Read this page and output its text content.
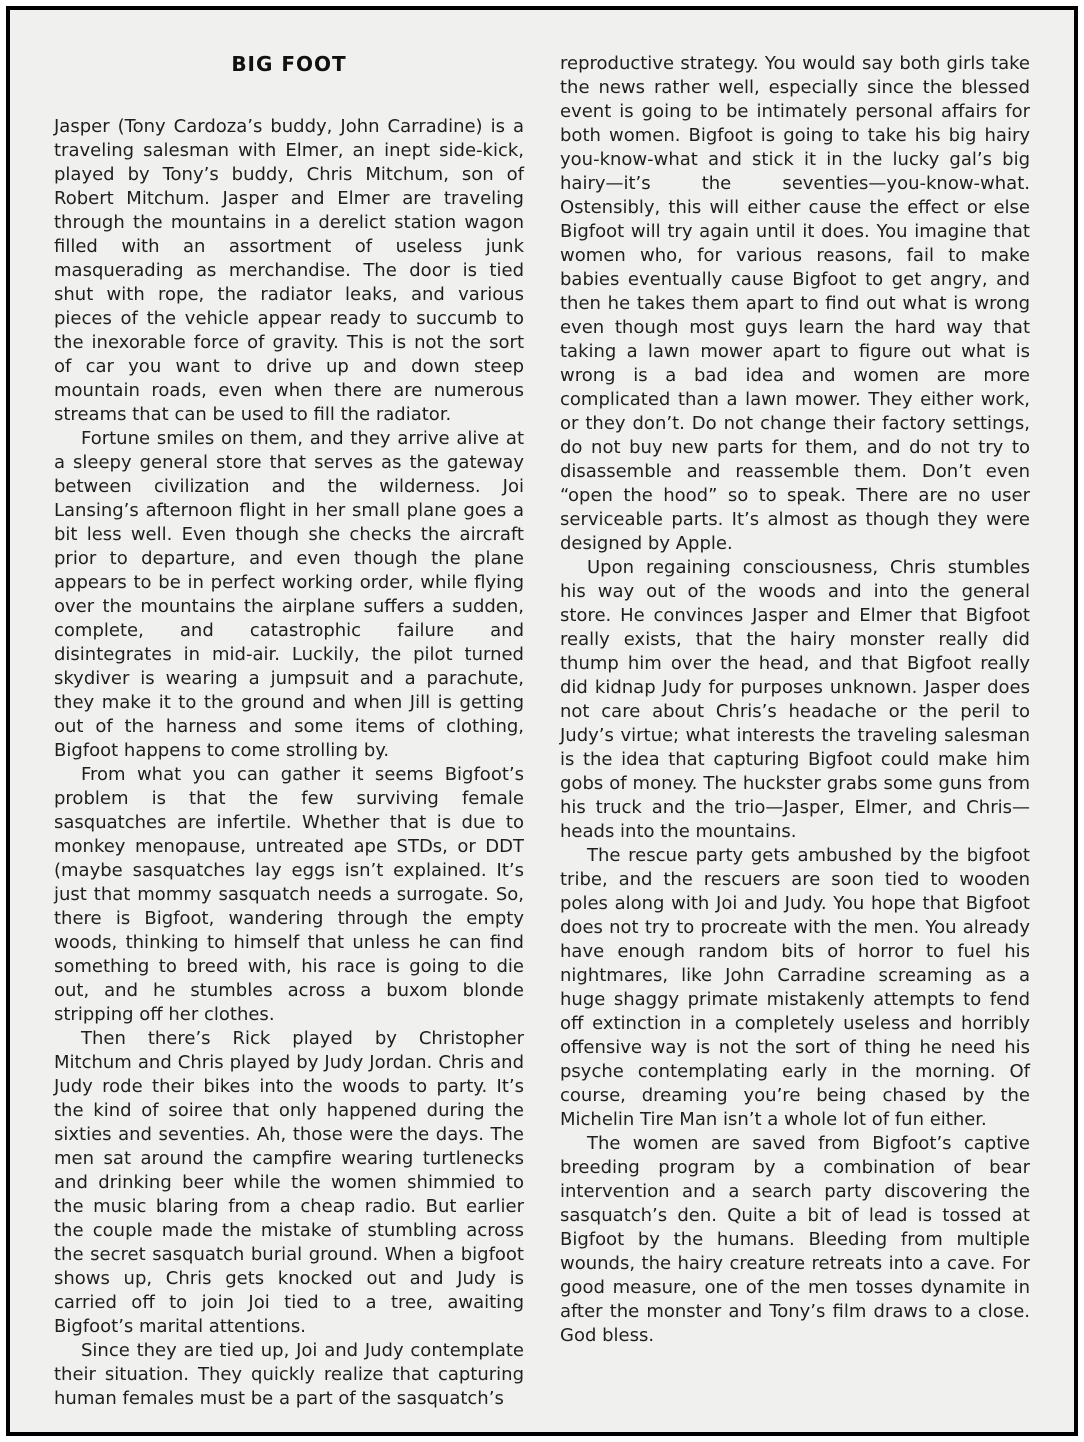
BIG FOOT

Jasper (Tony Cardoza’s buddy, John Carradine) is a traveling salesman with Elmer, an inept side-kick, played by Tony’s buddy, Chris Mitchum, son of Robert Mitchum. Jasper and Elmer are traveling through the mountains in a derelict station wagon filled with an assortment of useless junk masquerading as merchandise. The door is tied shut with rope, the radiator leaks, and various pieces of the vehicle appear ready to succumb to the inexorable force of gravity. This is not the sort of car you want to drive up and down steep mountain roads, even when there are numerous streams that can be used to fill the radiator.

Fortune smiles on them, and they arrive alive at a sleepy general store that serves as the gateway between civilization and the wilderness. Joi Lansing’s afternoon flight in her small plane goes a bit less well. Even though she checks the aircraft prior to departure, and even though the plane appears to be in perfect working order, while flying over the mountains the airplane suffers a sudden, complete, and catastrophic failure and disintegrates in mid-air. Luckily, the pilot turned skydiver is wearing a jumpsuit and a parachute, they make it to the ground and when Jill is getting out of the harness and some items of clothing, Bigfoot happens to come strolling by.

From what you can gather it seems Bigfoot’s problem is that the few surviving female sasquatches are infertile. Whether that is due to monkey menopause, untreated ape STDs, or DDT (maybe sasquatches lay eggs isn’t explained. It’s just that mommy sasquatch needs a surrogate. So, there is Bigfoot, wandering through the empty woods, thinking to himself that unless he can find something to breed with, his race is going to die out, and he stumbles across a buxom blonde stripping off her clothes.

Then there’s Rick played by Christopher Mitchum and Chris played by Judy Jordan. Chris and Judy rode their bikes into the woods to party. It’s the kind of soiree that only happened during the sixties and seventies. Ah, those were the days. The men sat around the campfire wearing turtlenecks and drinking beer while the women shimmied to the music blaring from a cheap radio. But earlier the couple made the mistake of stumbling across the secret sasquatch burial ground. When a bigfoot shows up, Chris gets knocked out and Judy is carried off to join Joi tied to a tree, awaiting Bigfoot’s marital attentions.

Since they are tied up, Joi and Judy contemplate their situation. They quickly realize that capturing human females must be a part of the sasquatch’s

reproductive strategy. You would say both girls take the news rather well, especially since the blessed event is going to be intimately personal affairs for both women. Bigfoot is going to take his big hairy you-know-what and stick it in the lucky gal’s big hairy—it’s the seventies—you-know-what. Ostensibly, this will either cause the effect or else Bigfoot will try again until it does. You imagine that women who, for various reasons, fail to make babies eventually cause Bigfoot to get angry, and then he takes them apart to find out what is wrong even though most guys learn the hard way that taking a lawn mower apart to figure out what is wrong is a bad idea and women are more complicated than a lawn mower. They either work, or they don’t. Do not change their factory settings, do not buy new parts for them, and do not try to disassemble and reassemble them. Don’t even “open the hood” so to speak. There are no user serviceable parts. It’s almost as though they were designed by Apple.

Upon regaining consciousness, Chris stumbles his way out of the woods and into the general store. He convinces Jasper and Elmer that Bigfoot really exists, that the hairy monster really did thump him over the head, and that Bigfoot really did kidnap Judy for purposes unknown. Jasper does not care about Chris’s headache or the peril to Judy’s virtue; what interests the traveling salesman is the idea that capturing Bigfoot could make him gobs of money. The huckster grabs some guns from his truck and the trio—Jasper, Elmer, and Chris—heads into the mountains.

The rescue party gets ambushed by the bigfoot tribe, and the rescuers are soon tied to wooden poles along with Joi and Judy. You hope that Bigfoot does not try to procreate with the men. You already have enough random bits of horror to fuel his nightmares, like John Carradine screaming as a huge shaggy primate mistakenly attempts to fend off extinction in a completely useless and horribly offensive way is not the sort of thing he need his psyche contemplating early in the morning. Of course, dreaming you’re being chased by the Michelin Tire Man isn’t a whole lot of fun either.

The women are saved from Bigfoot’s captive breeding program by a combination of bear intervention and a search party discovering the sasquatch’s den. Quite a bit of lead is tossed at Bigfoot by the humans. Bleeding from multiple wounds, the hairy creature retreats into a cave. For good measure, one of the men tosses dynamite in after the monster and Tony’s film draws to a close. God bless.
